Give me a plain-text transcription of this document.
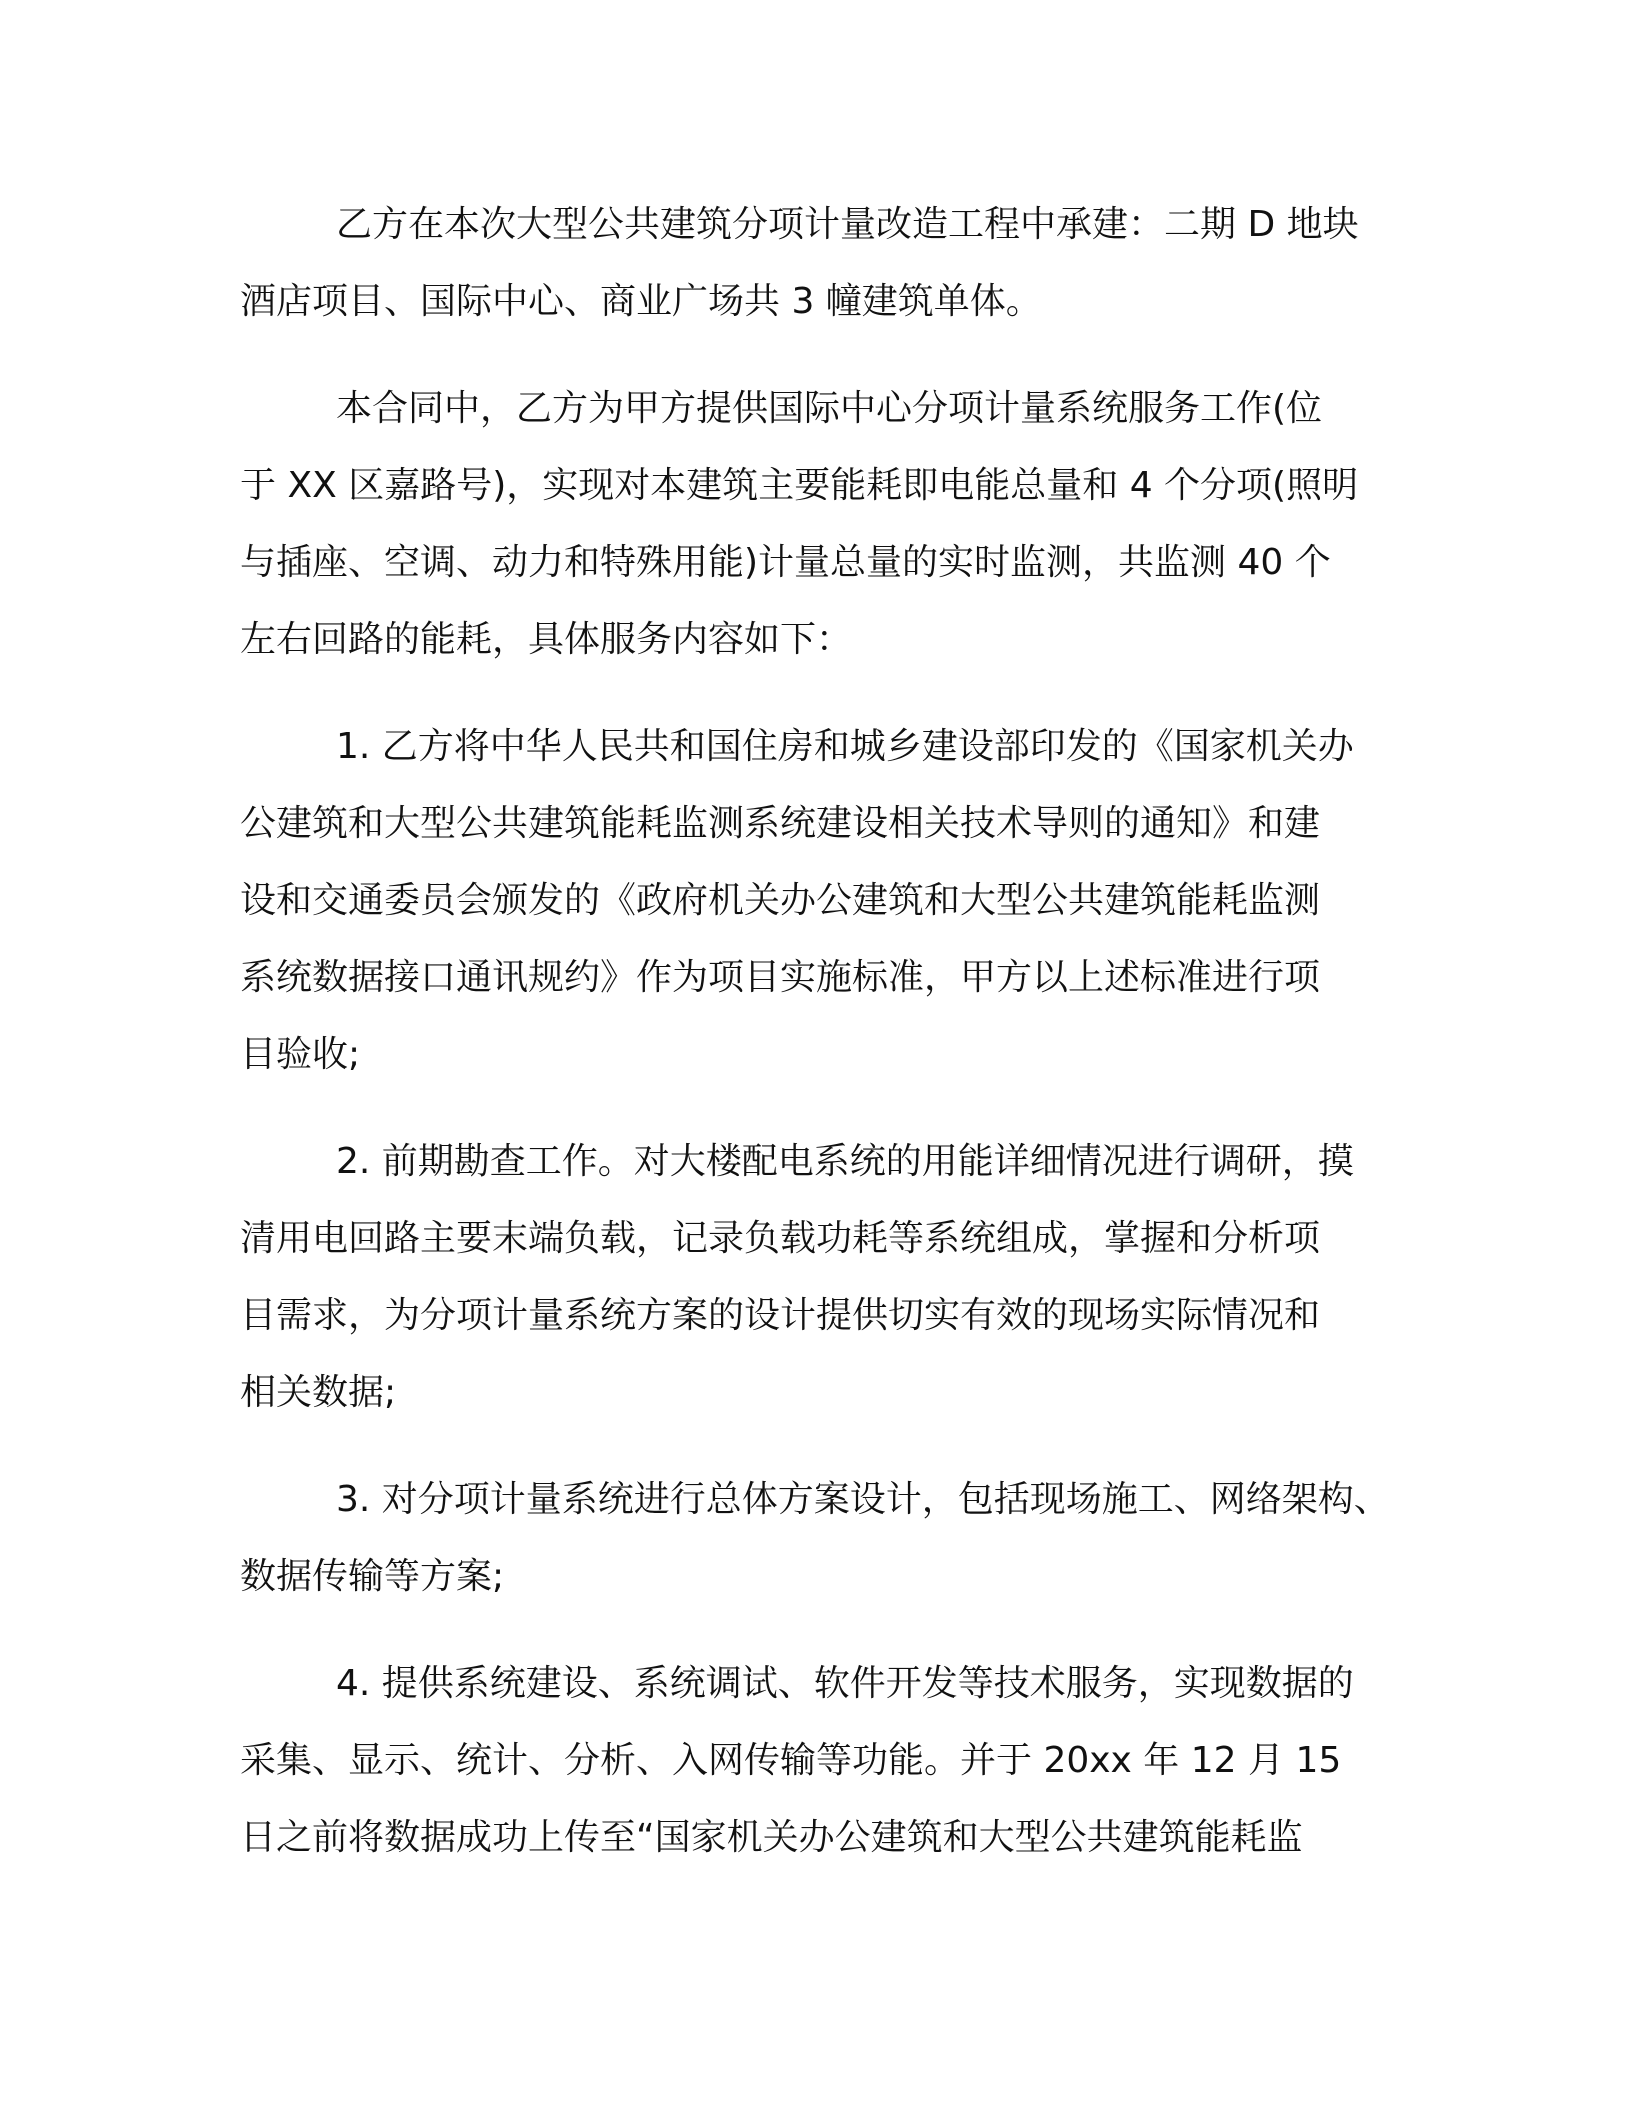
乙方在本次大型公共建筑分项计量改造工程中承建：二期 D 地块
酒店项目、国际中心、商业广场共 3 幢建筑单体。
本合同中，乙方为甲方提供国际中心分项计量系统服务工作(位
于 XX 区嘉路号)，实现对本建筑主要能耗即电能总量和 4 个分项(照明
与插座、空调、动力和特殊用能)计量总量的实时监测，共监测 40 个
左右回路的能耗，具体服务内容如下：
1. 乙方将中华人民共和国住房和城乡建设部印发的《国家机关办
公建筑和大型公共建筑能耗监测系统建设相关技术导则的通知》和建
设和交通委员会颁发的《政府机关办公建筑和大型公共建筑能耗监测
系统数据接口通讯规约》作为项目实施标准，甲方以上述标准进行项
目验收;
2. 前期勘查工作。对大楼配电系统的用能详细情况进行调研，摸
清用电回路主要末端负载，记录负载功耗等系统组成，掌握和分析项
目需求，为分项计量系统方案的设计提供切实有效的现场实际情况和
相关数据;
3. 对分项计量系统进行总体方案设计，包括现场施工、网络架构、
数据传输等方案;
4. 提供系统建设、系统调试、软件开发等技术服务，实现数据的
采集、显示、统计、分析、入网传输等功能。并于 20xx 年 12 月 15
日之前将数据成功上传至“国家机关办公建筑和大型公共建筑能耗监
